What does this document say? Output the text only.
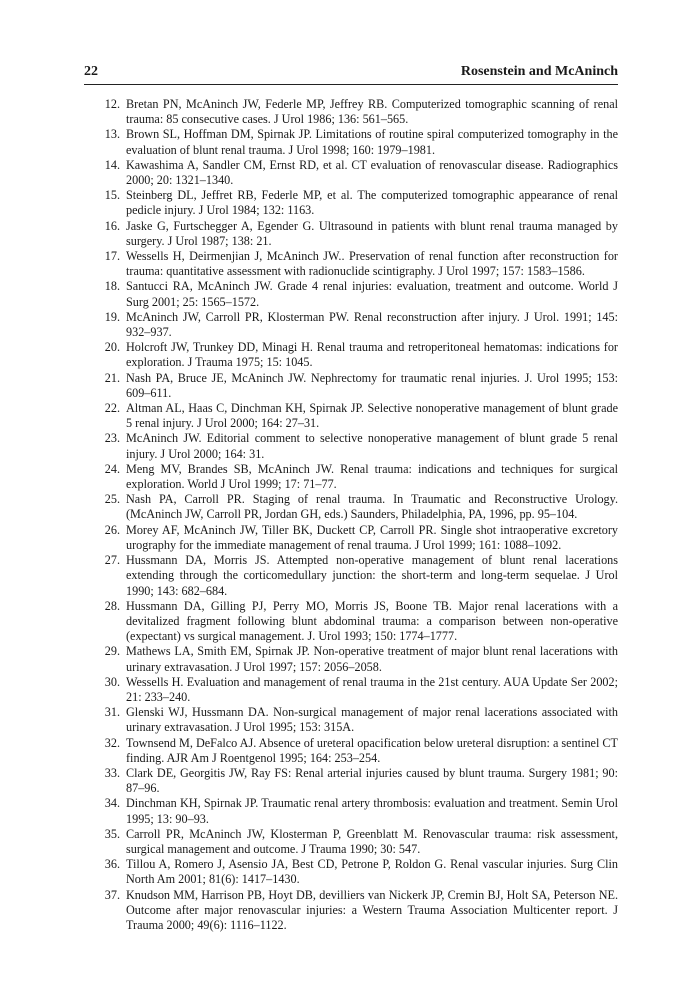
22	Rosenstein and McAninch
12. Bretan PN, McAninch JW, Federle MP, Jeffrey RB. Computerized tomographic scanning of renal trauma: 85 consecutive cases. J Urol 1986; 136: 561–565.
13. Brown SL, Hoffman DM, Spirnak JP. Limitations of routine spiral computerized tomography in the evaluation of blunt renal trauma. J Urol 1998; 160: 1979–1981.
14. Kawashima A, Sandler CM, Ernst RD, et al. CT evaluation of renovascular disease. Radiographics 2000; 20: 1321–1340.
15. Steinberg DL, Jeffret RB, Federle MP, et al. The computerized tomographic appearance of renal pedicle injury. J Urol 1984; 132: 1163.
16. Jaske G, Furtschegger A, Egender G. Ultrasound in patients with blunt renal trauma managed by surgery. J Urol 1987; 138: 21.
17. Wessells H, Deirmenjian J, McAninch JW.. Preservation of renal function after reconstruction for trauma: quantitative assessment with radionuclide scintigraphy. J Urol 1997; 157: 1583–1586.
18. Santucci RA, McAninch JW. Grade 4 renal injuries: evaluation, treatment and outcome. World J Surg 2001; 25: 1565–1572.
19. McAninch JW, Carroll PR, Klosterman PW. Renal reconstruction after injury. J Urol. 1991; 145: 932–937.
20. Holcroft JW, Trunkey DD, Minagi H. Renal trauma and retroperitoneal hematomas: indications for exploration. J Trauma 1975; 15: 1045.
21. Nash PA, Bruce JE, McAninch JW. Nephrectomy for traumatic renal injuries. J. Urol 1995; 153: 609–611.
22. Altman AL, Haas C, Dinchman KH, Spirnak JP. Selective nonoperative management of blunt grade 5 renal injury. J Urol 2000; 164: 27–31.
23. McAninch JW. Editorial comment to selective nonoperative management of blunt grade 5 renal injury. J Urol 2000; 164: 31.
24. Meng MV, Brandes SB, McAninch JW. Renal trauma: indications and techniques for surgical exploration. World J Urol 1999; 17: 71–77.
25. Nash PA, Carroll PR. Staging of renal trauma. In Traumatic and Reconstructive Urology. (McAninch JW, Carroll PR, Jordan GH, eds.) Saunders, Philadelphia, PA, 1996, pp. 95–104.
26. Morey AF, McAninch JW, Tiller BK, Duckett CP, Carroll PR. Single shot intraoperative excretory urography for the immediate management of renal trauma. J Urol 1999; 161: 1088–1092.
27. Hussmann DA, Morris JS. Attempted non-operative management of blunt renal lacerations extending through the corticomedullary junction: the short-term and long-term sequelae. J Urol 1990; 143: 682–684.
28. Hussmann DA, Gilling PJ, Perry MO, Morris JS, Boone TB. Major renal lacerations with a devitalized fragment following blunt abdominal trauma: a comparison between non-operative (expectant) vs surgical management. J. Urol 1993; 150: 1774–1777.
29. Mathews LA, Smith EM, Spirnak JP. Non-operative treatment of major blunt renal lacerations with urinary extravasation. J Urol 1997; 157: 2056–2058.
30. Wessells H. Evaluation and management of renal trauma in the 21st century. AUA Update Ser 2002; 21: 233–240.
31. Glenski WJ, Hussmann DA. Non-surgical management of major renal lacerations associated with urinary extravasation. J Urol 1995; 153: 315A.
32. Townsend M, DeFalco AJ. Absence of ureteral opacification below ureteral disruption: a sentinel CT finding. AJR Am J Roentgenol 1995; 164: 253–254.
33. Clark DE, Georgitis JW, Ray FS: Renal arterial injuries caused by blunt trauma. Surgery 1981; 90: 87–96.
34. Dinchman KH, Spirnak JP. Traumatic renal artery thrombosis: evaluation and treatment. Semin Urol 1995; 13: 90–93.
35. Carroll PR, McAninch JW, Klosterman P, Greenblatt M. Renovascular trauma: risk assessment, surgical management and outcome. J Trauma 1990; 30: 547.
36. Tillou A, Romero J, Asensio JA, Best CD, Petrone P, Roldon G. Renal vascular injuries. Surg Clin North Am 2001; 81(6): 1417–1430.
37. Knudson MM, Harrison PB, Hoyt DB, devilliers van Nickerk JP, Cremin BJ, Holt SA, Peterson NE. Outcome after major renovascular injuries: a Western Trauma Association Multicenter report. J Trauma 2000; 49(6): 1116–1122.
